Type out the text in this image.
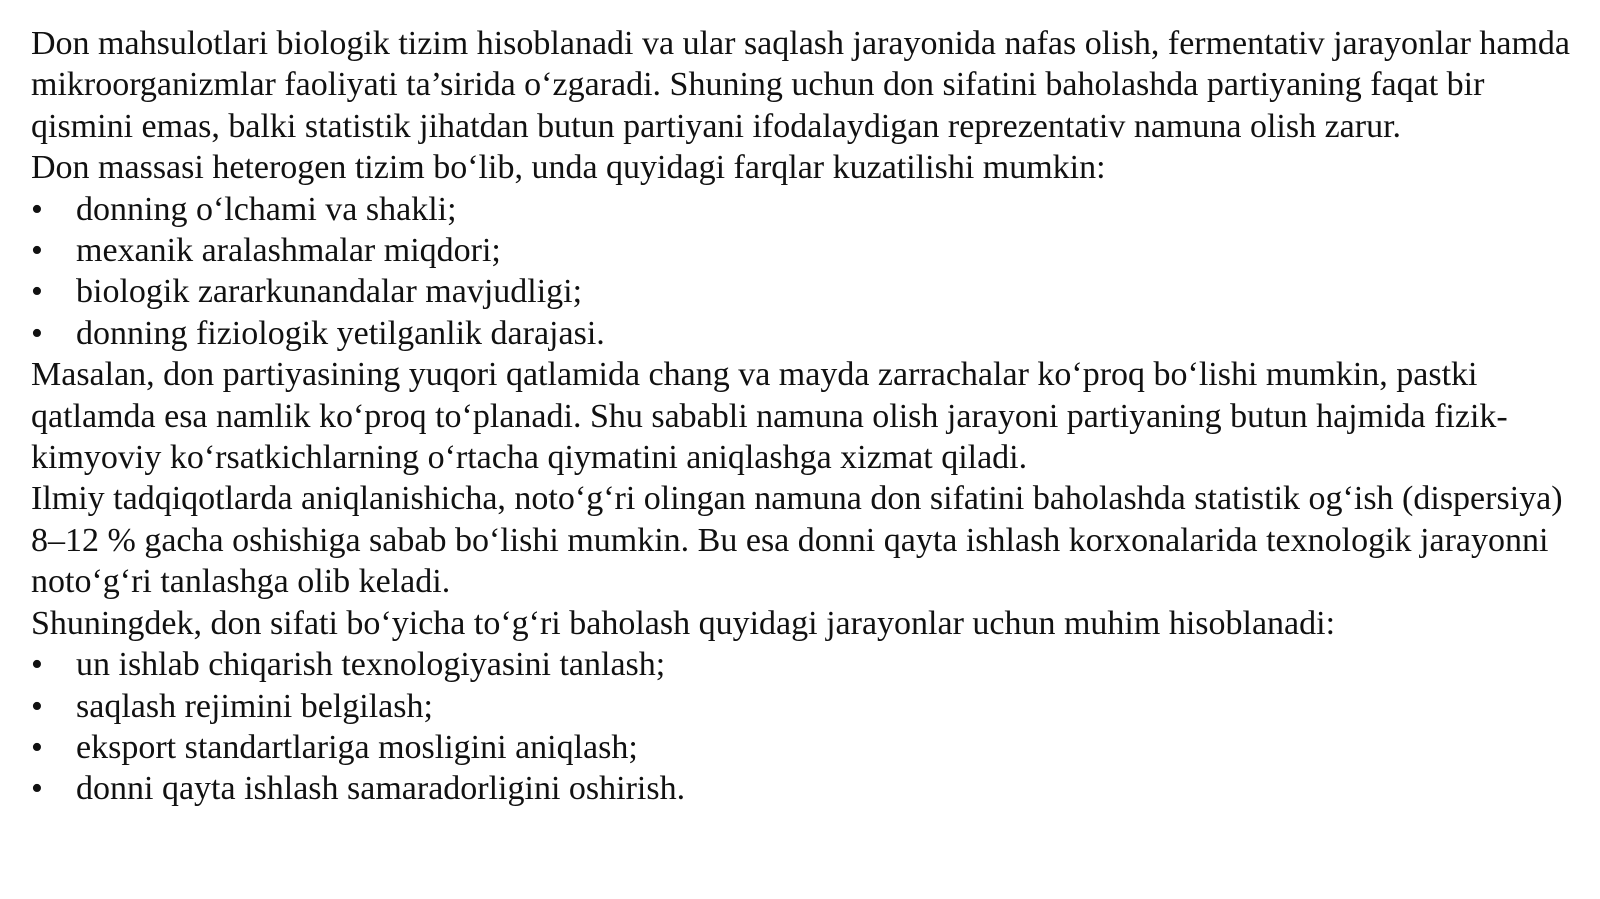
Don mahsulotlari biologik tizim hisoblanadi va ular saqlash jarayonida nafas olish, fermentativ jarayonlar hamda mikroorganizmlar faoliyati ta’sirida o‘zgaradi. Shuning uchun don sifatini baholashda partiyaning faqat bir qismini emas, balki statistik jihatdan butun partiyani ifodalaydigan reprezentativ namuna olish zarur.

Don massasi heterogen tizim bo‘lib, unda quyidagi farqlar kuzatilishi mumkin:

• donning o‘lchami va shakli;
• mexanik aralashmalar miqdori;
• biologik zararkunandalar mavjudligi;
• donning fiziologik yetilganlik darajasi.

Masalan, don partiyasining yuqori qatlamida chang va mayda zarrachalar ko‘proq bo‘lishi mumkin, pastki qatlamda esa namlik ko‘proq to‘planadi. Shu sababli namuna olish jarayoni partiyaning butun hajmida fizik-kimyoviy ko‘rsatkichlarning o‘rtacha qiymatini aniqlashga xizmat qiladi.

Ilmiy tadqiqotlarda aniqlanishicha, noto‘g‘ri olingan namuna don sifatini baholashda statistik og‘ish (dispersiya) 8–12 % gacha oshishiga sabab bo‘lishi mumkin. Bu esa donni qayta ishlash korxonalarida texnologik jarayonni noto‘g‘ri tanlashga olib keladi.

Shuningdek, don sifati bo‘yicha to‘g‘ri baholash quyidagi jarayonlar uchun muhim hisoblanadi:

• un ishlab chiqarish texnologiyasini tanlash;
• saqlash rejimini belgilash;
• eksport standartlariga mosligini aniqlash;
• donni qayta ishlash samaradorligini oshirish.
